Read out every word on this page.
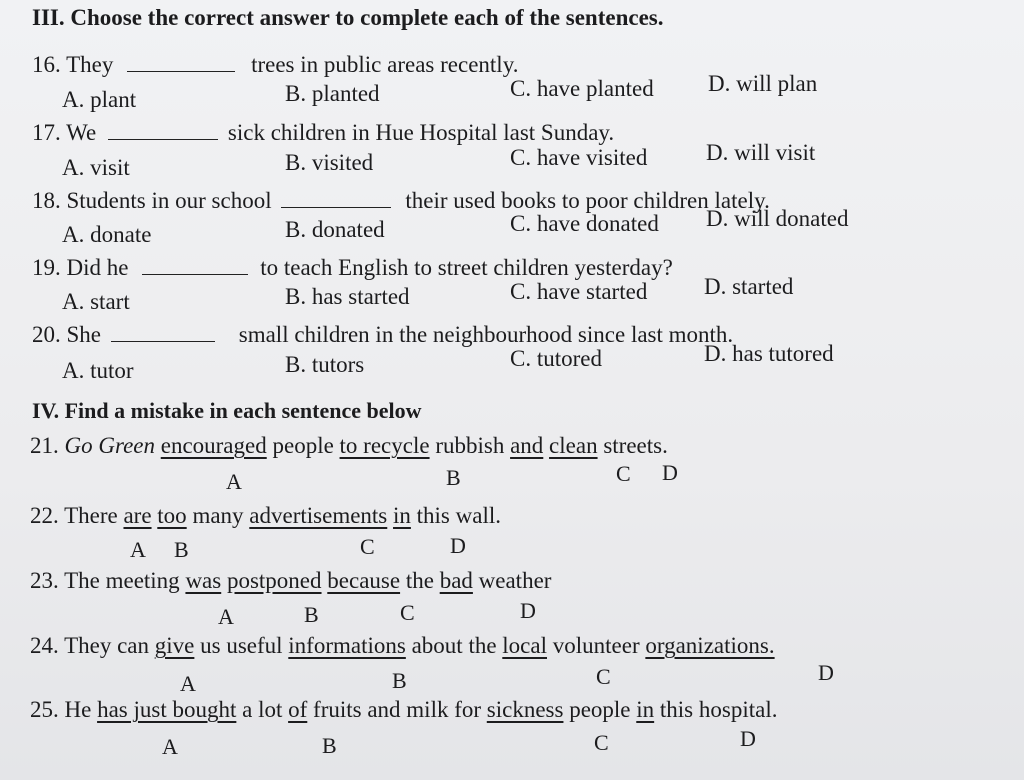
III. Choose the correct answer to complete each of the sentences.
16. They	trees in public areas recently.
A. plant	B. planted	C. have planted D. will plan
17. We	sick children in Hue Hospital last Sunday.
A. visit	B. visited	C. have visited	D. will visit
18. Students in our school	their used books to poor children lately.
A. donate	B. donated	C. have donated D. will donated
19. Did he	to teach English to street children yesterday?
A. start	B. has started	C. have started D. started
20. She	small children in the neighbourhood since last month.
A. tutor	B. tutors	C. tutored	D. has tutored
IV. Find a mistake in each sentence below
21. Go Green encouraged people to recycle rubbish and clean streets.
A	B	C D
22. There are too many advertisements in this wall.
A B	C	D
23. The meeting was postponed because the bad weather
A	B	C	D
24. They can give us useful informations about the local volunteer organizations.
A	B	C	D
25. He has just bought a lot of fruits and milk for sickness people in this hospital.
A	B	C	D
